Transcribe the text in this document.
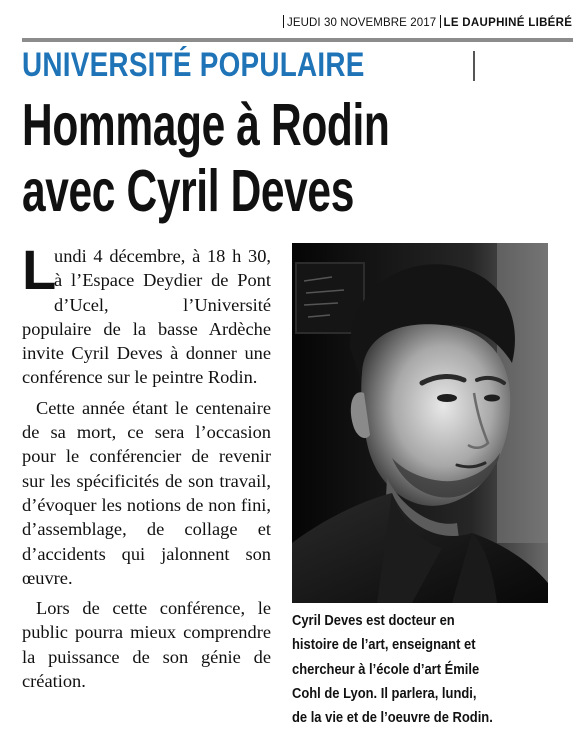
JEUDI 30 NOVEMBRE 2017 LE DAUPHINÉ LIBÉRÉ
UNIVERSITÉ POPULAIRE
Hommage à Rodin
avec Cyril Deves

L
undi 4 décembre, à 18 h 30, à l’Espace Deydier de Pont d’Ucel, l’Université populaire de la basse Ardèche invite Cyril Deves à donner une conférence sur le peintre Rodin.

Cette année étant le centenaire de sa mort, ce sera l’occasion pour le conférencier de revenir sur les spécificités de son travail, d’évoquer les notions de non fini, d’assemblage, de collage et d’accidents qui jalonnent son œuvre.

Lors de cette conférence, le public pourra mieux comprendre la puissance de son génie de création.

Cyril Deves est docteur en
histoire de l’art, enseignant et
chercheur à l’école d’art Émile
Cohl de Lyon. Il parlera, lundi,
de la vie et de l’oeuvre de Rodin.
